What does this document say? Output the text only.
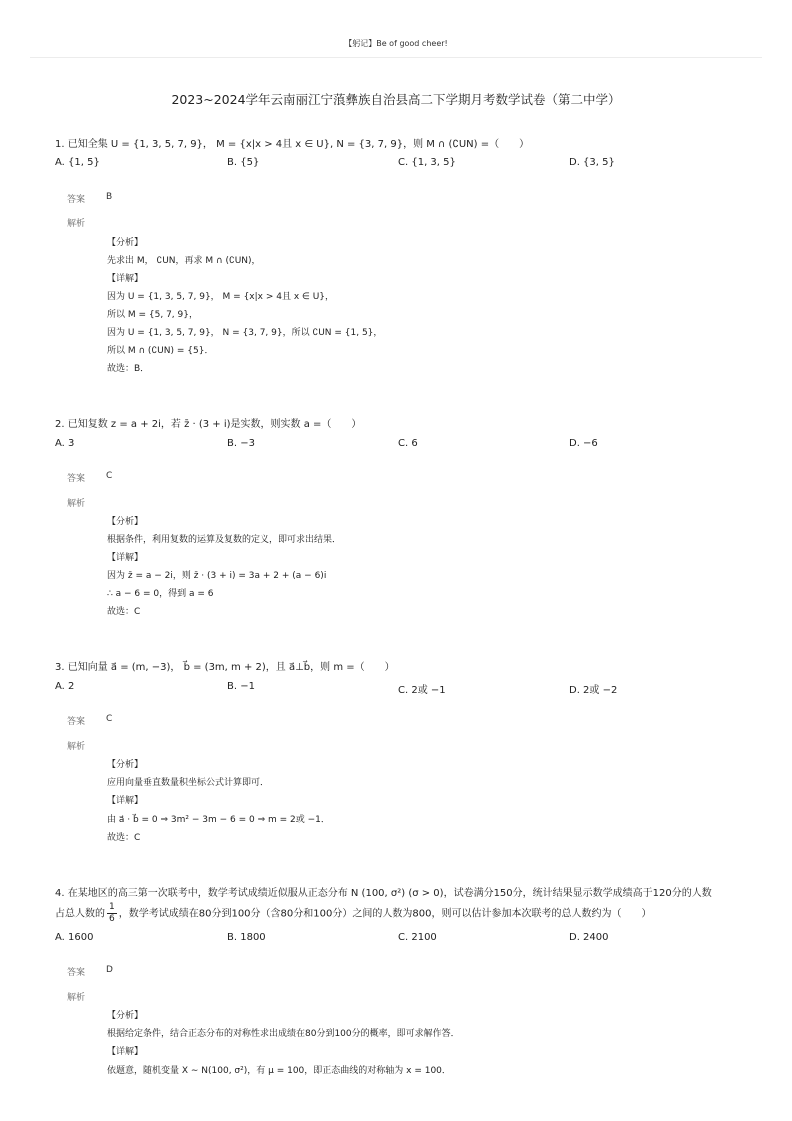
【躬记】Be of good cheer!
2023~2024学年云南丽江宁蒗彝族自治县高二下学期月考数学试卷（第二中学）
1. 已知全集 U = {1, 3, 5, 7, 9}， M = {x|x > 4且 x ∈ U}, N = {3, 7, 9}，则 M ∩ (∁UN) =（　　）
A. {1, 5}	B. {5}	C. {1, 3, 5}	D. {3, 5}
答案 B
解析
【分析】
先求出 M， ∁UN，再求 M ∩ (∁UN)，
【详解】
因为 U = {1, 3, 5, 7, 9}， M = {x|x > 4且 x ∈ U}，
所以 M = {5, 7, 9}，
因为 U = {1, 3, 5, 7, 9}， N = {3, 7, 9}，所以 ∁UN = {1, 5}，
所以 M ∩ (∁UN) = {5}．
故选：B．
2. 已知复数 z = a + 2i，若 z̄ · (3 + i)是实数，则实数 a =（　　）
A. 3	B. −3	C. 6	D. −6
答案 C
解析
【分析】
根据条件，利用复数的运算及复数的定义，即可求出结果．
【详解】
因为 z̄ = a − 2i，则 z̄ · (3 + i) = 3a + 2 + (a − 6)i
∴ a − 6 = 0，得到 a = 6
故选：C
3. 已知向量 a⃗ = (m, −3)， b⃗ = (3m, m + 2)，且 a⃗⊥b⃗，则 m =（　　）
A. 2	B. −1	C. 2或 −1	D. 2或 −2
答案 C
解析
【分析】
应用向量垂直数量积坐标公式计算即可．
【详解】
由 a⃗ · b⃗ = 0 ⇒ 3m² − 3m − 6 = 0 ⇒ m = 2或 −1．
故选：C
4. 在某地区的高三第一次联考中，数学考试成绩近似服从正态分布 N (100, σ²) (σ > 0)，试卷满分150分，统计结果显示数学成绩高于120分的人数
占总人数的 $\frac{1}{6}$ ，数学考试成绩在80分到100分（含80分和100分）之间的人数为800，则可以估计参加本次联考的总人数约为（　　）
A. 1600	B. 1800	C. 2100	D. 2400
答案 D
解析
【分析】
根据给定条件，结合正态分布的对称性求出成绩在80分到100分的概率，即可求解作答．
【详解】
依题意，随机变量 X ∼ N(100, σ²)，有 μ = 100，即正态曲线的对称轴为 x = 100．
